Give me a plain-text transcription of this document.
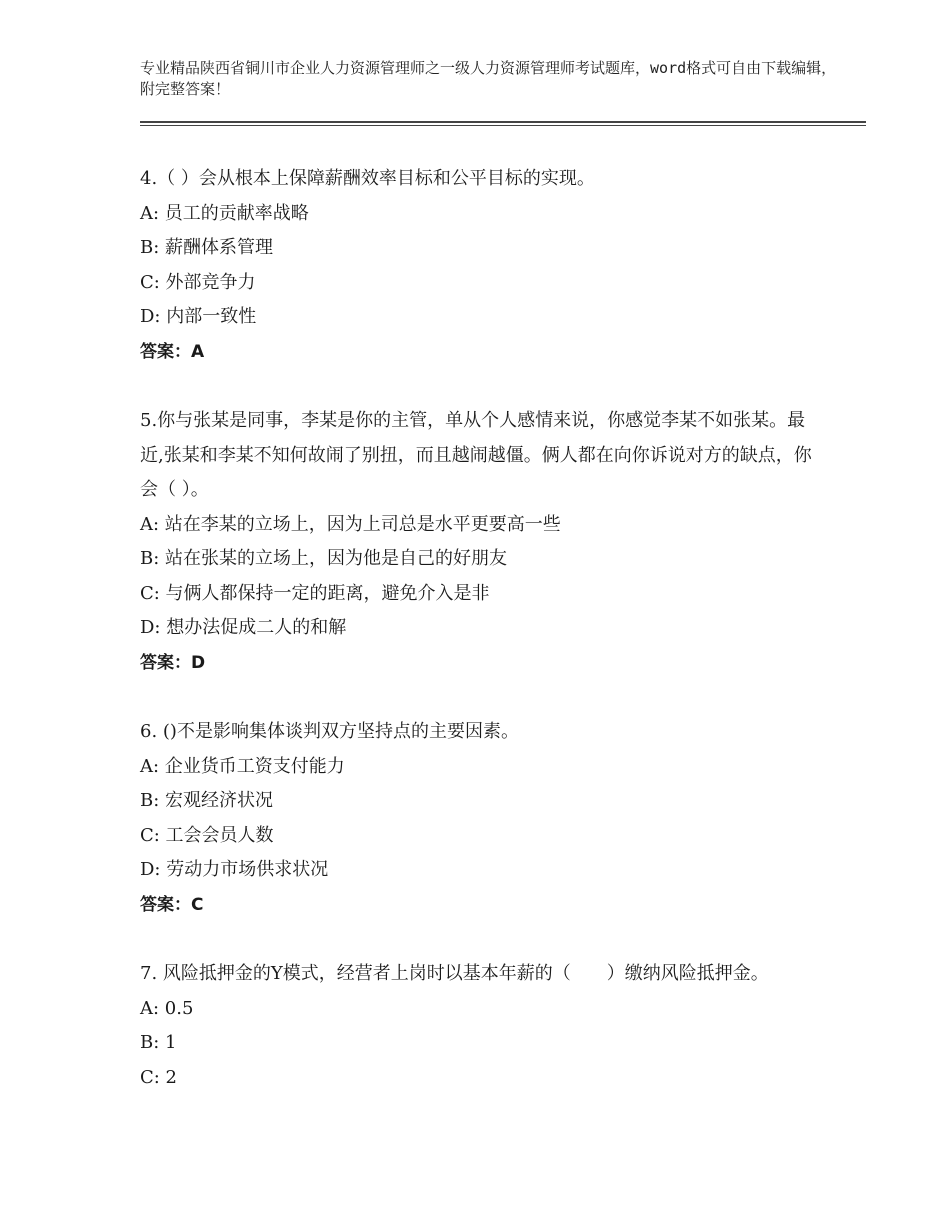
专业精品陕西省铜川市企业人力资源管理师之一级人力资源管理师考试题库，word格式可自由下载编辑，附完整答案！
4.（ ）会从根本上保障薪酬效率目标和公平目标的实现。
A: 员工的贡献率战略
B: 薪酬体系管理
C: 外部竞争力
D: 内部一致性
答案：A
5.你与张某是同事，李某是你的主管，单从个人感情来说，你感觉李某不如张某。最近,张某和李某不知何故闹了别扭，而且越闹越僵。俩人都在向你诉说对方的缺点，你会（ ）。
A: 站在李某的立场上，因为上司总是水平更要高一些
B: 站在张某的立场上，因为他是自己的好朋友
C: 与俩人都保持一定的距离，避免介入是非
D: 想办法促成二人的和解
答案：D
6. ()不是影响集体谈判双方坚持点的主要因素。
A: 企业货币工资支付能力
B: 宏观经济状况
C: 工会会员人数
D: 劳动力市场供求状况
答案：C
7. 风险抵押金的Y模式，经营者上岗时以基本年薪的（　　）缴纳风险抵押金。
A: 0.5
B: 1
C: 2
